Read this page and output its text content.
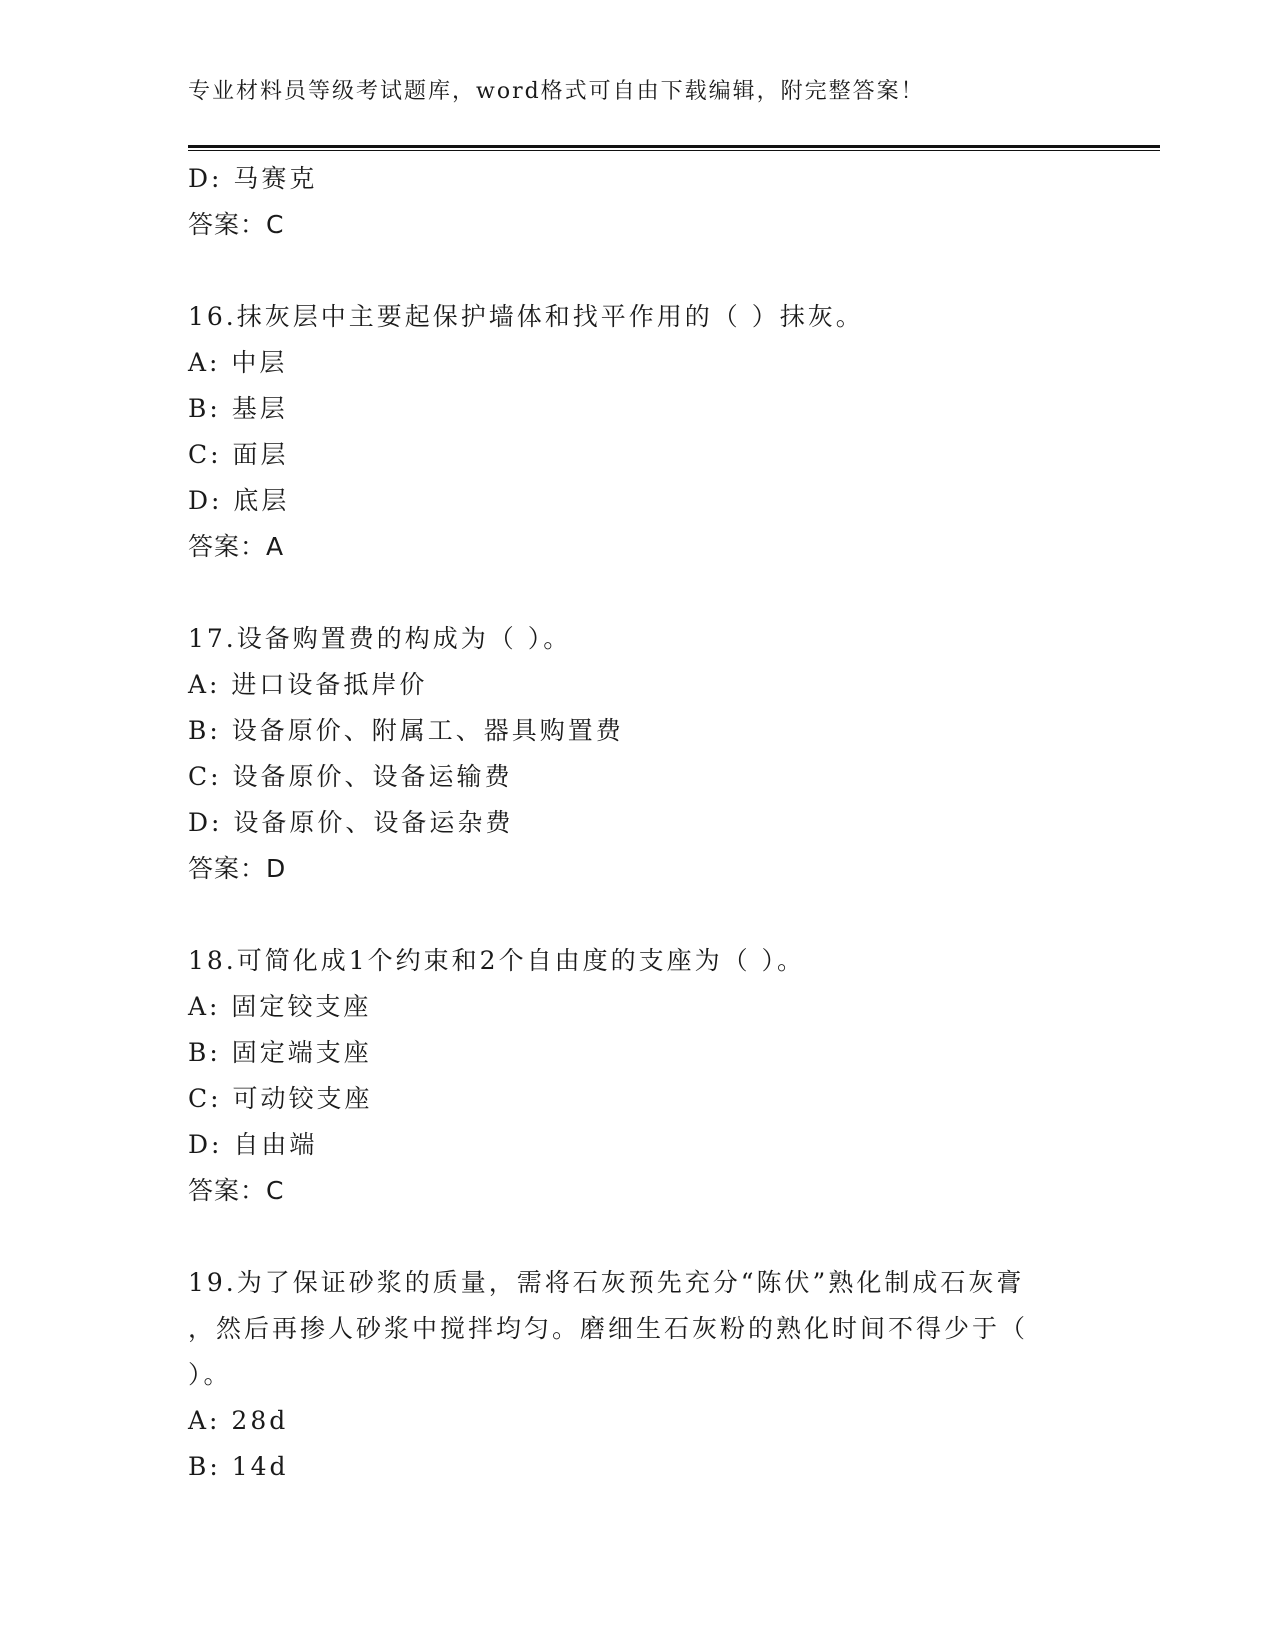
专业材料员等级考试题库，word格式可自由下载编辑，附完整答案！
D: 马赛克
答案：C
16.抹灰层中主要起保护墙体和找平作用的（ ）抹灰。
A: 中层
B: 基层
C: 面层
D: 底层
答案：A
17.设备购置费的构成为（ ）。
A: 进口设备抵岸价
B: 设备原价、附属工、器具购置费
C: 设备原价、设备运输费
D: 设备原价、设备运杂费
答案：D
18.可简化成1个约束和2个自由度的支座为（ ）。
A: 固定铰支座
B: 固定端支座
C: 可动铰支座
D: 自由端
答案：C
19.为了保证砂浆的质量，需将石灰预先充分“陈伏”熟化制成石灰膏
，然后再掺人砂浆中搅拌均匀。磨细生石灰粉的熟化时间不得少于（
）。
A: 28d
B: 14d
